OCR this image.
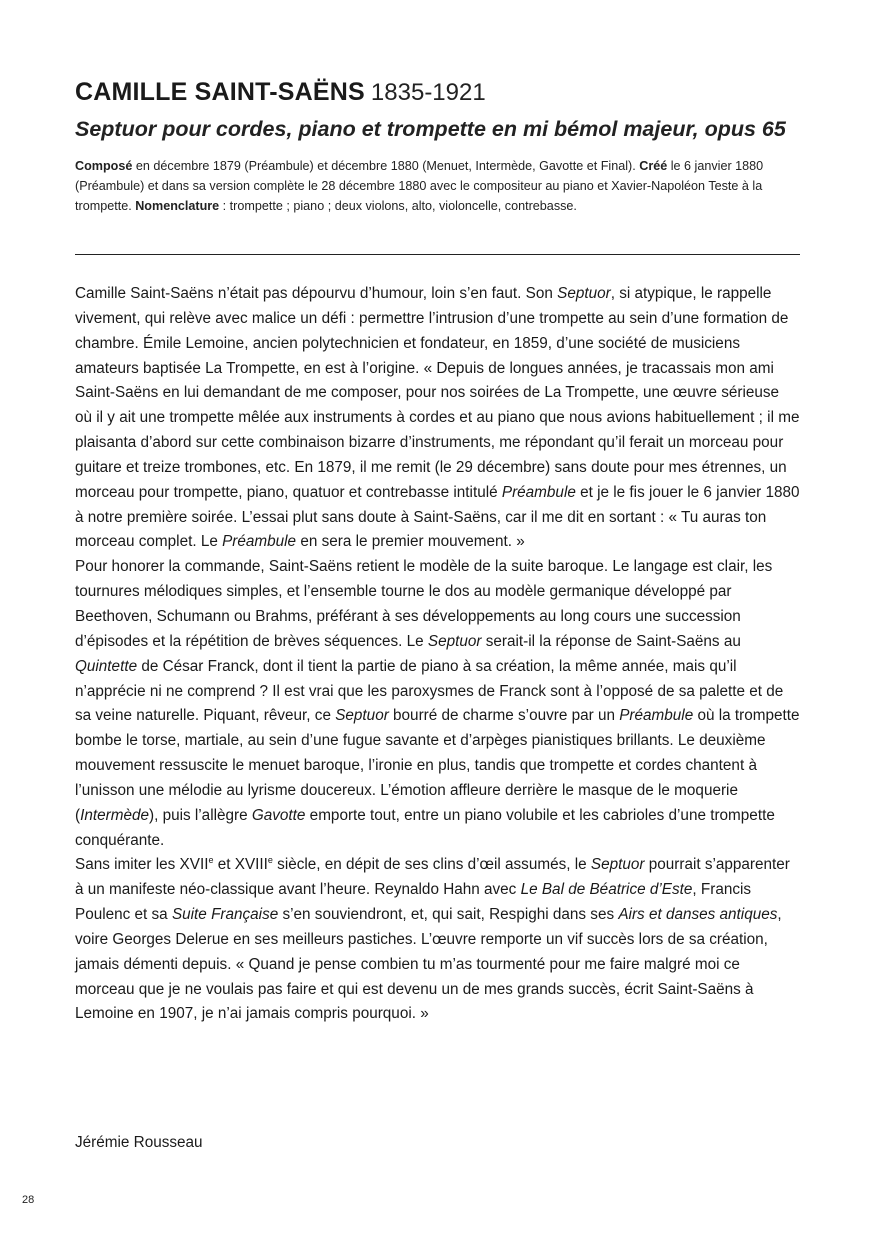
CAMILLE SAINT-SAËNS 1835-1921
Septuor pour cordes, piano et trompette en mi bémol majeur, opus 65

Composé en décembre 1879 (Préambule) et décembre 1880 (Menuet, Intermède, Gavotte et Final). Créé le 6 janvier 1880 (Préambule) et dans sa version complète le 28 décembre 1880 avec le compositeur au piano et Xavier-Napoléon Teste à la trompette. Nomenclature : trompette ; piano ; deux violons, alto, violoncelle, contrebasse.

Camille Saint-Saëns n’était pas dépourvu d’humour, loin s’en faut. Son Septuor, si atypique, le rappelle vivement, qui relève avec malice un défi : permettre l’intrusion d’une trompette au sein d’une formation de chambre. Émile Lemoine, ancien polytechnicien et fondateur, en 1859, d’une société de musiciens amateurs baptisée La Trompette, en est à l’origine. « Depuis de longues années, je tracassais mon ami Saint-Saëns en lui demandant de me composer, pour nos soirées de La Trompette, une œuvre sérieuse où il y ait une trompette mêlée aux instruments à cordes et au piano que nous avions habituellement ; il me plaisanta d’abord sur cette combinaison bizarre d’instruments, me répondant qu’il ferait un morceau pour guitare et treize trombones, etc. En 1879, il me remit (le 29 décembre) sans doute pour mes étrennes, un morceau pour trompette, piano, quatuor et contrebasse intitulé Préambule et je le fis jouer le 6 janvier 1880 à notre première soirée. L’essai plut sans doute à Saint-Saëns, car il me dit en sortant : « Tu auras ton morceau complet. Le Préambule en sera le premier mouvement. »

Pour honorer la commande, Saint-Saëns retient le modèle de la suite baroque. Le langage est clair, les tournures mélodiques simples, et l’ensemble tourne le dos au modèle germanique développé par Beethoven, Schumann ou Brahms, préférant à ses développements au long cours une succession d’épisodes et la répétition de brèves séquences. Le Septuor serait-il la réponse de Saint-Saëns au Quintette de César Franck, dont il tient la partie de piano à sa création, la même année, mais qu’il n’apprécie ni ne comprend ? Il est vrai que les paroxysmes de Franck sont à l’opposé de sa palette et de sa veine naturelle. Piquant, rêveur, ce Septuor bourré de charme s’ouvre par un Préambule où la trompette bombe le torse, martiale, au sein d’une fugue savante et d’arpèges pianistiques brillants. Le deuxième mouvement ressuscite le menuet baroque, l’ironie en plus, tandis que trompette et cordes chantent à l’unisson une mélodie au lyrisme doucereux. L’émotion affleure derrière le masque de le moquerie (Intermède), puis l’allègre Gavotte emporte tout, entre un piano volubile et les cabrioles d’une trompette conquérante.

Sans imiter les XVIIe et XVIIIe siècle, en dépit de ses clins d’œil assumés, le Septuor pourrait s’apparenter à un manifeste néo-classique avant l’heure. Reynaldo Hahn avec Le Bal de Béatrice d’Este, Francis Poulenc et sa Suite Française s’en souviendront, et, qui sait, Respighi dans ses Airs et danses antiques, voire Georges Delerue en ses meilleurs pastiches. L’œuvre remporte un vif succès lors de sa création, jamais démenti depuis. « Quand je pense combien tu m’as tourmenté pour me faire malgré moi ce morceau que je ne voulais pas faire et qui est devenu un de mes grands succès, écrit Saint-Saëns à Lemoine en 1907, je n’ai jamais compris pourquoi. »

Jérémie Rousseau
28
